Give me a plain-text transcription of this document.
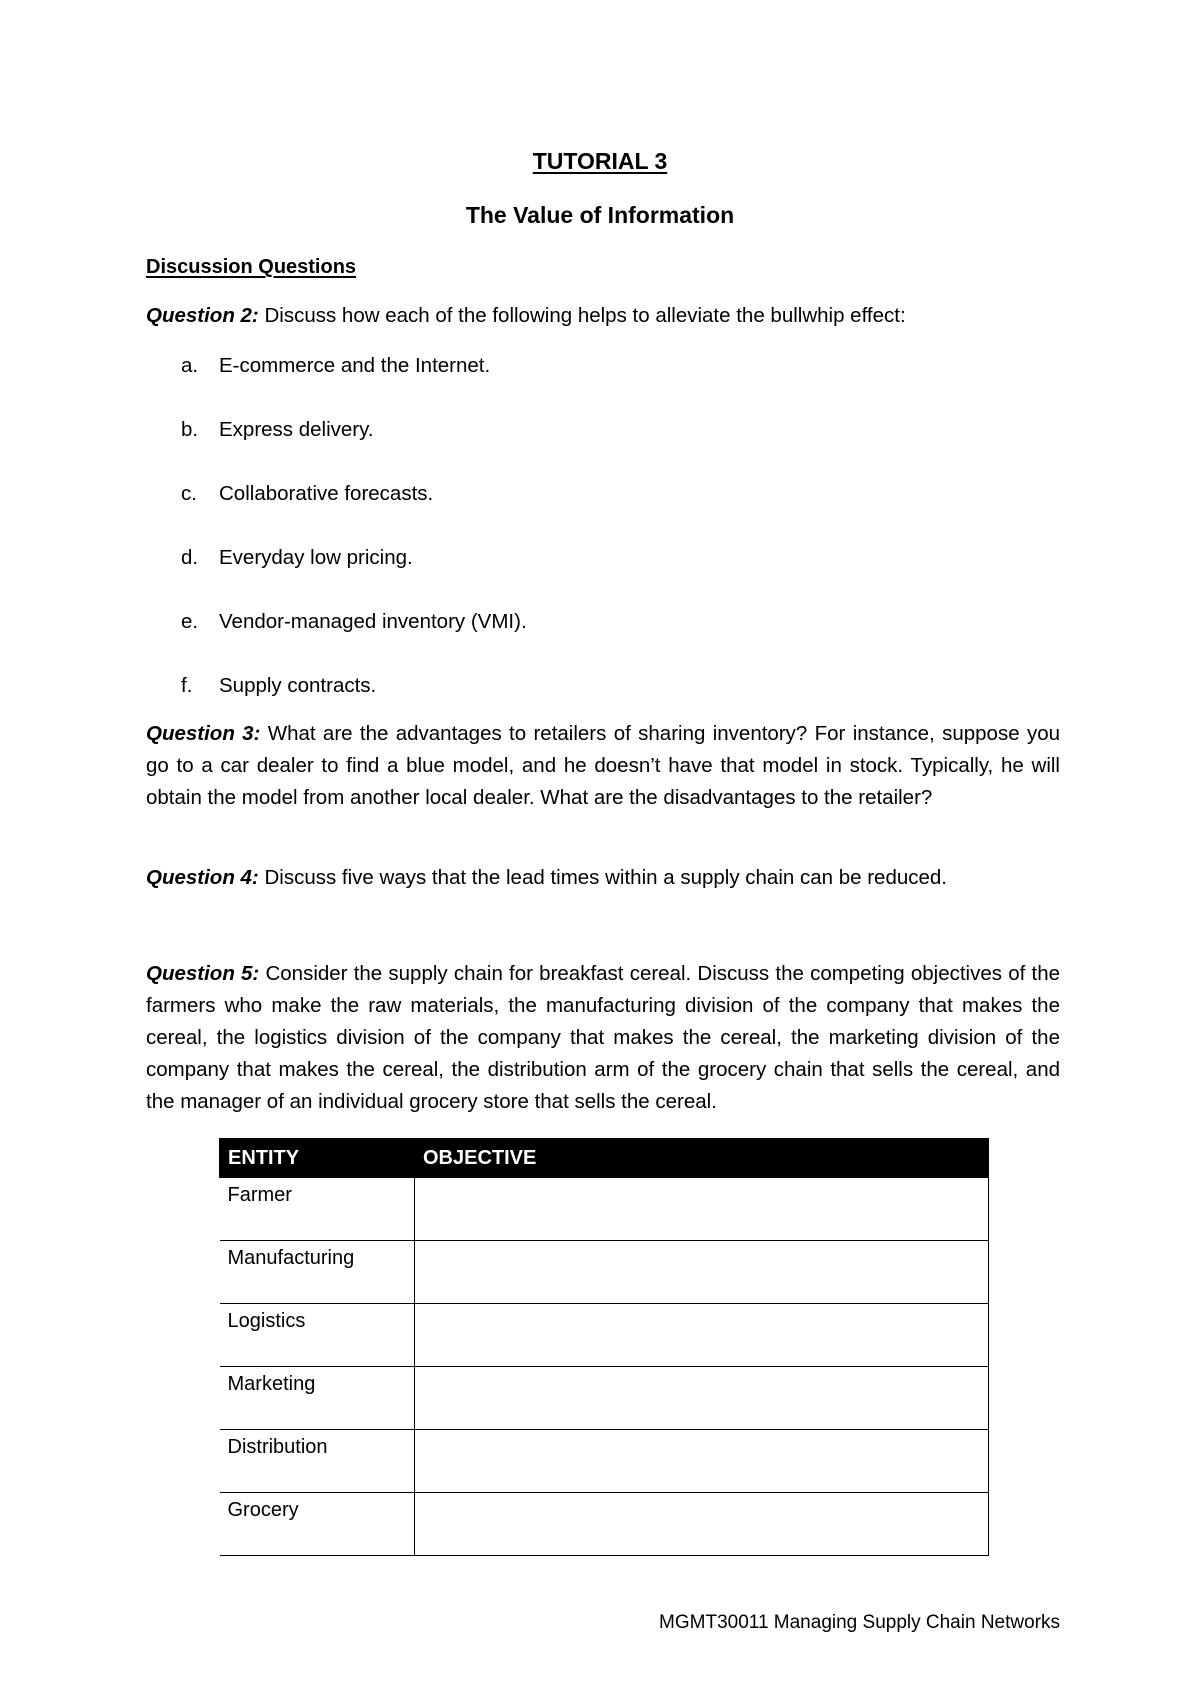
TUTORIAL 3
The Value of Information
Discussion Questions
Question 2: Discuss how each of the following helps to alleviate the bullwhip effect:
a. E-commerce and the Internet.
b. Express delivery.
c. Collaborative forecasts.
d. Everyday low pricing.
e. Vendor-managed inventory (VMI).
f. Supply contracts.
Question 3: What are the advantages to retailers of sharing inventory? For instance, suppose you go to a car dealer to find a blue model, and he doesn’t have that model in stock. Typically, he will obtain the model from another local dealer. What are the disadvantages to the retailer?
Question 4: Discuss five ways that the lead times within a supply chain can be reduced.
Question 5: Consider the supply chain for breakfast cereal. Discuss the competing objectives of the farmers who make the raw materials, the manufacturing division of the company that makes the cereal, the logistics division of the company that makes the cereal, the marketing division of the company that makes the cereal, the distribution arm of the grocery chain that sells the cereal, and the manager of an individual grocery store that sells the cereal.
ENTITY	OBJECTIVE
Farmer	
Manufacturing	
Logistics	
Marketing	
Distribution	
Grocery	
MGMT30011 Managing Supply Chain Networks
